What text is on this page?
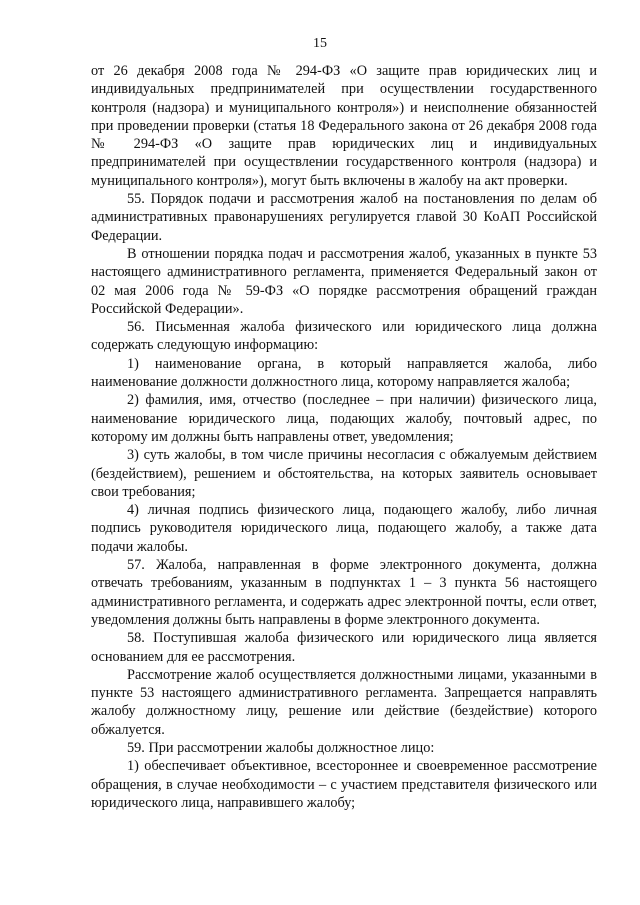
15

от 26 декабря 2008 года № 294-ФЗ «О защите прав юридических лиц и индивидуальных предпринимателей при осуществлении государственного контроля (надзора) и муниципального контроля») и неисполнение обязанностей при проведении проверки (статья 18 Федерального закона от 26 декабря 2008 года № 294-ФЗ «О защите прав юридических лиц и индивидуальных предпринимателей при осуществлении государственного контроля (надзора) и муниципального контроля»), могут быть включены в жалобу на акт проверки.

55. Порядок подачи и рассмотрения жалоб на постановления по делам об административных правонарушениях регулируется главой 30 КоАП Российской Федерации.

В отношении порядка подач и рассмотрения жалоб, указанных в пункте 53 настоящего административного регламента, применяется Федеральный закон от 02 мая 2006 года № 59-ФЗ «О порядке рассмотрения обращений граждан Российской Федерации».

56. Письменная жалоба физического или юридического лица должна содержать следующую информацию:

1) наименование органа, в который направляется жалоба, либо наименование должности должностного лица, которому направляется жалоба;

2) фамилия, имя, отчество (последнее – при наличии) физического лица, наименование юридического лица, подающих жалобу, почтовый адрес, по которому им должны быть направлены ответ, уведомления;

3) суть жалобы, в том числе причины несогласия с обжалуемым действием (бездействием), решением и обстоятельства, на которых заявитель основывает свои требования;

4) личная подпись физического лица, подающего жалобу, либо личная подпись руководителя юридического лица, подающего жалобу, а также дата подачи жалобы.

57. Жалоба, направленная в форме электронного документа, должна отвечать требованиям, указанным в подпунктах 1 – 3 пункта 56 настоящего административного регламента, и содержать адрес электронной почты, если ответ, уведомления должны быть направлены в форме электронного документа.

58. Поступившая жалоба физического или юридического лица является основанием для ее рассмотрения.

Рассмотрение жалоб осуществляется должностными лицами, указанными в пункте 53 настоящего административного регламента. Запрещается направлять жалобу должностному лицу, решение или действие (бездействие) которого обжалуется.

59. При рассмотрении жалобы должностное лицо:

1) обеспечивает объективное, всестороннее и своевременное рассмотрение обращения, в случае необходимости – с участием представителя физического или юридического лица, направившего жалобу;
